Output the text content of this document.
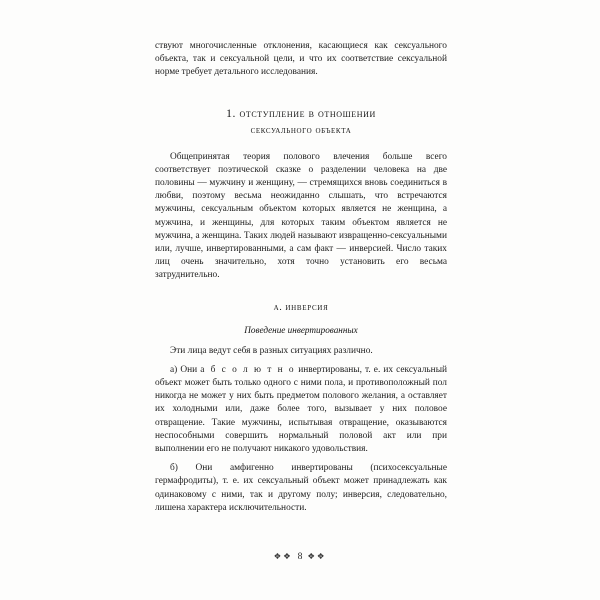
ствуют многочисленные отклонения, касающиеся как сексуального объекта, так и сексуальной цели, и что их соответствие сексуальной норме требует детального исследования.

1. отступление в отношении
сексуального объекта

Общепринятая теория полового влечения больше всего соответствует поэтической сказке о разделении человека на две половины — мужчину и женщину, — стремящихся вновь соединиться в любви, поэтому весьма неожиданно слышать, что встречаются мужчины, сексуальным объектом которых является не женщина, а мужчина, и женщины, для которых таким объектом является не мужчина, а женщина. Таких людей называют извращенно-сексуальными или, лучше, инвертированными, а сам факт — инверсией. Число таких лиц очень значительно, хотя точно установить его весьма затруднительно.

а. инверсия
Поведение инвертированных

Эти лица ведут себя в разных ситуациях различно.

а) Они а б с о л ю т н о инвертированы, т. е. их сексуальный объект может быть только одного с ними пола, и противоположный пол никогда не может у них быть предметом полового желания, а оставляет их холодными или, даже более того, вызывает у них половое отвращение. Такие мужчины, испытывая отвращение, оказываются неспособными совершить нормальный половой акт или при выполнении его не получают никакого удовольствия.

б) Они амфигенно инвертированы (психосексуальные гермафродиты), т. е. их сексуальный объект может принадлежать как одинаковому с ними, так и другому полу; инверсия, следовательно, лишена характера исключительности.

❖❖ 8 ❖❖
